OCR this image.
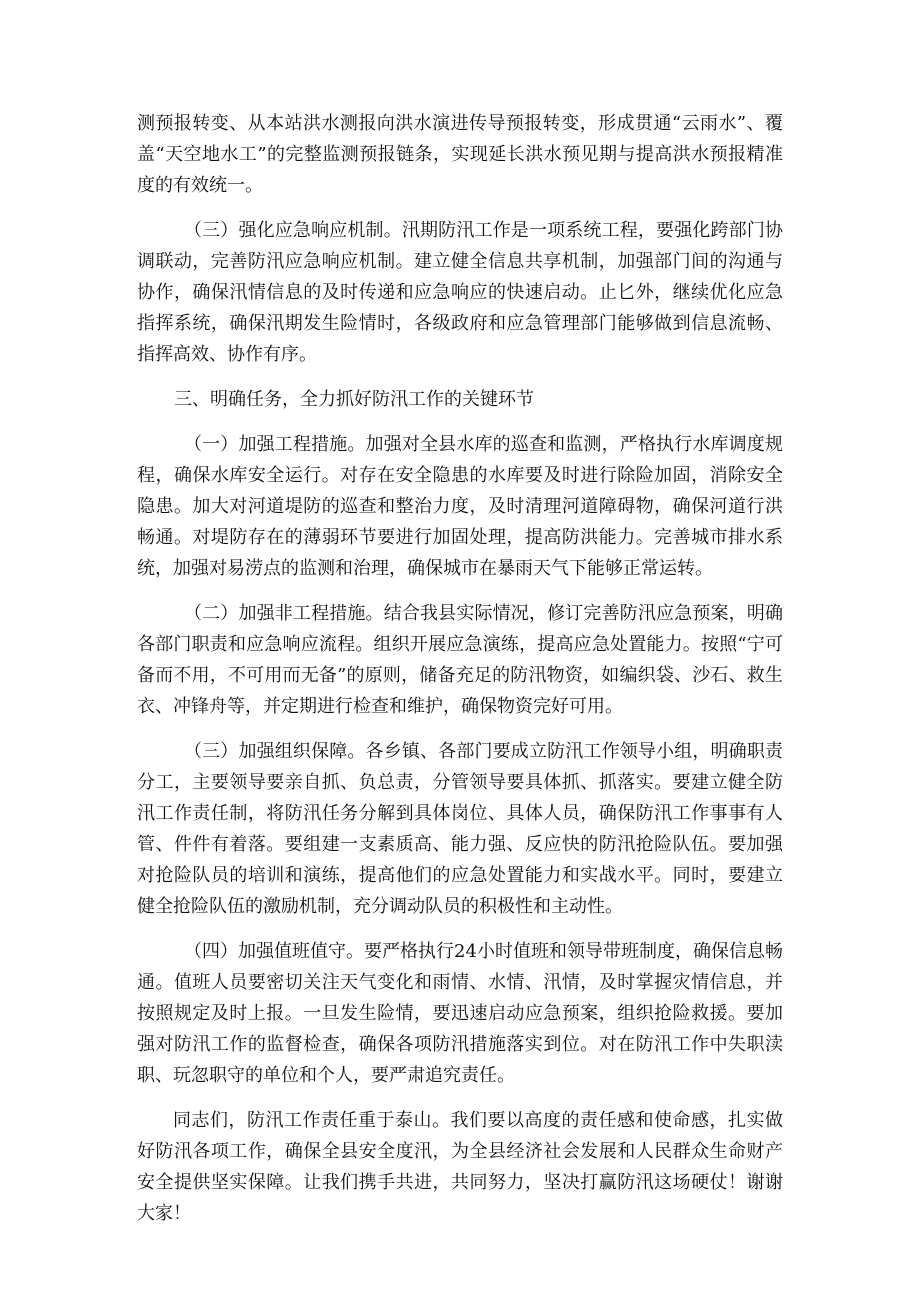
测预报转变、从本站洪水测报向洪水演进传导预报转变，形成贯通“云雨水”、覆盖“天空地水工”的完整监测预报链条，实现延长洪水预见期与提高洪水预报精准度的有效统一。

（三）强化应急响应机制。汛期防汛工作是一项系统工程，要强化跨部门协调联动，完善防汛应急响应机制。建立健全信息共享机制，加强部门间的沟通与协作，确保汛情信息的及时传递和应急响应的快速启动。止匕外，继续优化应急指挥系统，确保汛期发生险情时，各级政府和应急管理部门能够做到信息流畅、指挥高效、协作有序。

三、明确任务，全力抓好防汛工作的关键环节

（一）加强工程措施。加强对全县水库的巡查和监测，严格执行水库调度规程，确保水库安全运行。对存在安全隐患的水库要及时进行除险加固，消除安全隐患。加大对河道堤防的巡查和整治力度，及时清理河道障碍物，确保河道行洪畅通。对堤防存在的薄弱环节要进行加固处理，提高防洪能力。完善城市排水系统，加强对易涝点的监测和治理，确保城市在暴雨天气下能够正常运转。

（二）加强非工程措施。结合我县实际情况，修订完善防汛应急预案，明确各部门职责和应急响应流程。组织开展应急演练，提高应急处置能力。按照“宁可备而不用，不可用而无备”的原则，储备充足的防汛物资，如编织袋、沙石、救生衣、冲锋舟等，并定期进行检查和维护，确保物资完好可用。

（三）加强组织保障。各乡镇、各部门要成立防汛工作领导小组，明确职责分工，主要领导要亲自抓、负总责，分管领导要具体抓、抓落实。要建立健全防汛工作责任制，将防汛任务分解到具体岗位、具体人员，确保防汛工作事事有人管、件件有着落。要组建一支素质高、能力强、反应快的防汛抢险队伍。要加强对抢险队员的培训和演练，提高他们的应急处置能力和实战水平。同时，要建立健全抢险队伍的激励机制，充分调动队员的积极性和主动性。

（四）加强值班值守。要严格执行24小时值班和领导带班制度，确保信息畅通。值班人员要密切关注天气变化和雨情、水情、汛情，及时掌握灾情信息，并按照规定及时上报。一旦发生险情，要迅速启动应急预案，组织抢险救援。要加强对防汛工作的监督检查，确保各项防汛措施落实到位。对在防汛工作中失职渎职、玩忽职守的单位和个人，要严肃追究责任。

同志们，防汛工作责任重于泰山。我们要以高度的责任感和使命感，扎实做好防汛各项工作，确保全县安全度汛，为全县经济社会发展和人民群众生命财产安全提供坚实保障。让我们携手共进，共同努力，坚决打赢防汛这场硬仗！谢谢大家！
